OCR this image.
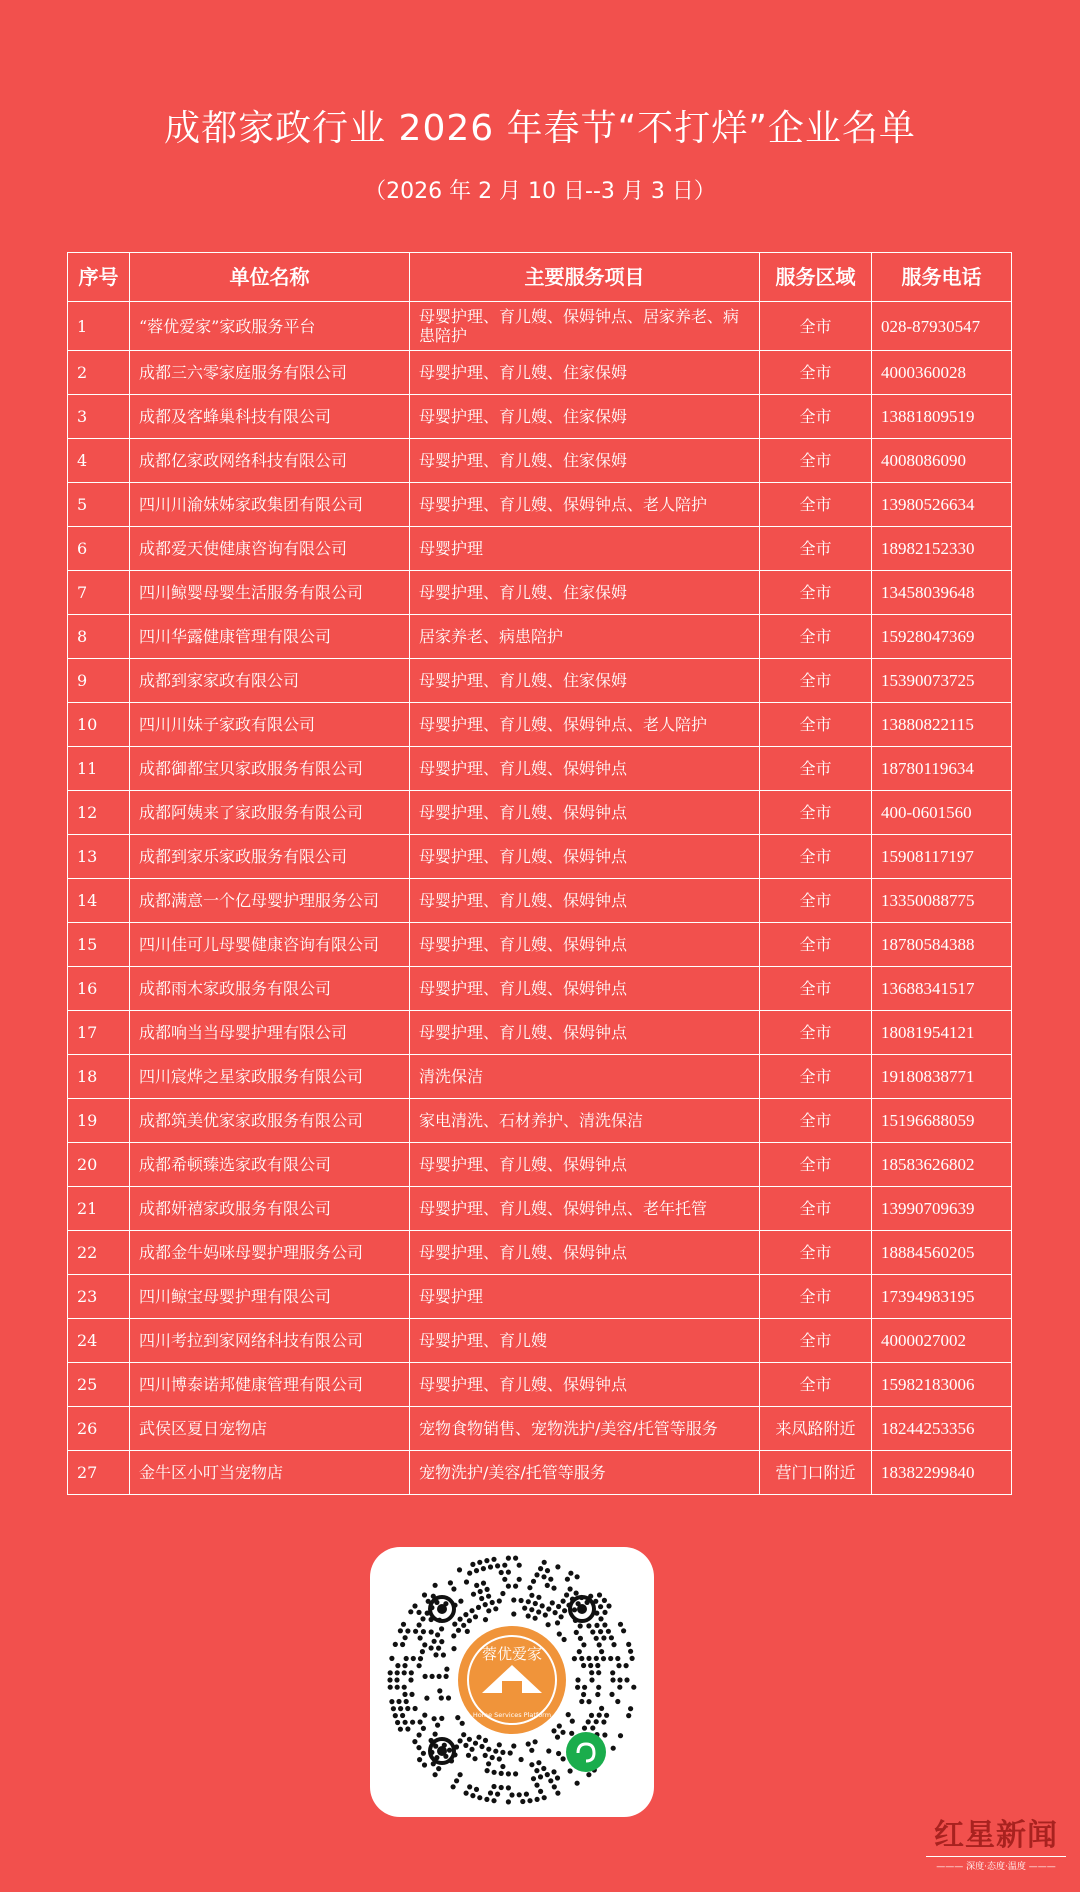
成都家政行业 2026 年春节“不打烊”企业名单
（2026 年 2 月 10 日--3 月 3 日）
序号	单位名称	主要服务项目	服务区域	服务电话
1	“蓉优爱家”家政服务平台	母婴护理、育儿嫂、保姆钟点、居家养老、病患陪护	全市	028-87930547
2	成都三六零家庭服务有限公司	母婴护理、育儿嫂、住家保姆	全市	4000360028
3	成都及客蜂巢科技有限公司	母婴护理、育儿嫂、住家保姆	全市	13881809519
4	成都亿家政网络科技有限公司	母婴护理、育儿嫂、住家保姆	全市	4008086090
5	四川川渝妹姊家政集团有限公司	母婴护理、育儿嫂、保姆钟点、老人陪护	全市	13980526634
6	成都爱天使健康咨询有限公司	母婴护理	全市	18982152330
7	四川鲸婴母婴生活服务有限公司	母婴护理、育儿嫂、住家保姆	全市	13458039648
8	四川华露健康管理有限公司	居家养老、病患陪护	全市	15928047369
9	成都到家家政有限公司	母婴护理、育儿嫂、住家保姆	全市	15390073725
10	四川川妹子家政有限公司	母婴护理、育儿嫂、保姆钟点、老人陪护	全市	13880822115
11	成都御都宝贝家政服务有限公司	母婴护理、育儿嫂、保姆钟点	全市	18780119634
12	成都阿姨来了家政服务有限公司	母婴护理、育儿嫂、保姆钟点	全市	400-0601560
13	成都到家乐家政服务有限公司	母婴护理、育儿嫂、保姆钟点	全市	15908117197
14	成都满意一个亿母婴护理服务公司	母婴护理、育儿嫂、保姆钟点	全市	13350088775
15	四川佳可儿母婴健康咨询有限公司	母婴护理、育儿嫂、保姆钟点	全市	18780584388
16	成都雨木家政服务有限公司	母婴护理、育儿嫂、保姆钟点	全市	13688341517
17	成都响当当母婴护理有限公司	母婴护理、育儿嫂、保姆钟点	全市	18081954121
18	四川宸烨之星家政服务有限公司	清洗保洁	全市	19180838771
19	成都筑美优家家政服务有限公司	家电清洗、石材养护、清洗保洁	全市	15196688059
20	成都希顿臻选家政有限公司	母婴护理、育儿嫂、保姆钟点	全市	18583626802
21	成都妍禧家政服务有限公司	母婴护理、育儿嫂、保姆钟点、老年托管	全市	13990709639
22	成都金牛妈咪母婴护理服务公司	母婴护理、育儿嫂、保姆钟点	全市	18884560205
23	四川鲸宝母婴护理有限公司	母婴护理	全市	17394983195
24	四川考拉到家网络科技有限公司	母婴护理、育儿嫂	全市	4000027002
25	四川博泰诺邦健康管理有限公司	母婴护理、育儿嫂、保姆钟点	全市	15982183006
26	武侯区夏日宠物店	宠物食物销售、宠物洗护/美容/托管等服务	来凤路附近	18244253356
27	金牛区小叮当宠物店	宠物洗护/美容/托管等服务	营门口附近	18382299840
蓉优爱家
Home Services Platform
红星新闻
——— 深度·态度·温度 ———
